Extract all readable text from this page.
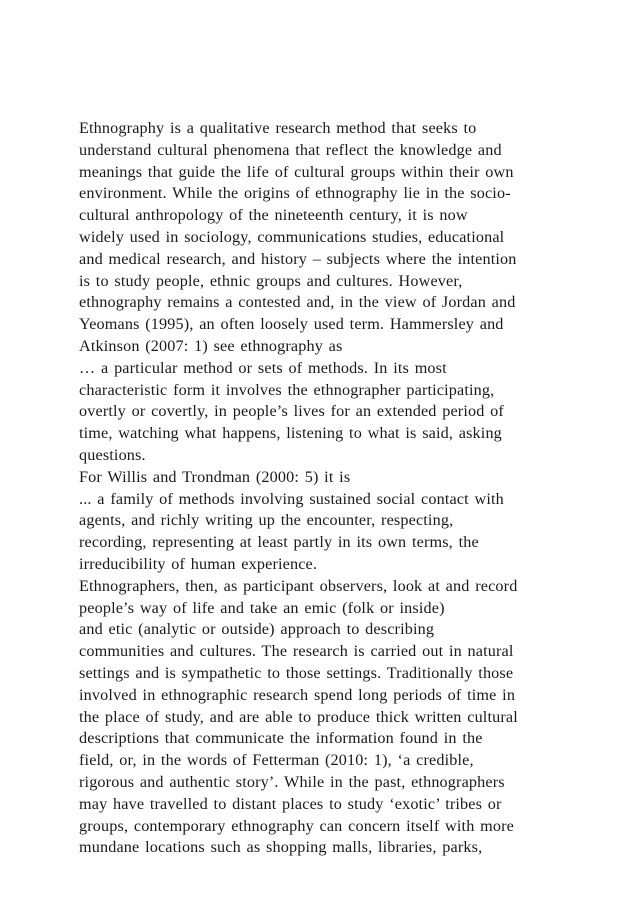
Ethnography is a qualitative research method that seeks to
understand cultural phenomena that reflect the knowledge and
meanings that guide the life of cultural groups within their own
environment. While the origins of ethnography lie in the socio-
cultural anthropology of the nineteenth century, it is now
widely used in sociology, communications studies, educational
and medical research, and history – subjects where the intention
is to study people, ethnic groups and cultures. However,
ethnography remains a contested and, in the view of Jordan and
Yeomans (1995), an often loosely used term. Hammersley and
Atkinson (2007: 1) see ethnography as
… a particular method or sets of methods. In its most
characteristic form it involves the ethnographer participating,
overtly or covertly, in people’s lives for an extended period of
time, watching what happens, listening to what is said, asking
questions.
For Willis and Trondman (2000: 5) it is
... a family of methods involving sustained social contact with
agents, and richly writing up the encounter, respecting,
recording, representing at least partly in its own terms, the
irreducibility of human experience.
Ethnographers, then, as participant observers, look at and record
people’s way of life and take an emic (folk or inside)
and etic (analytic or outside) approach to describing
communities and cultures. The research is carried out in natural
settings and is sympathetic to those settings. Traditionally those
involved in ethnographic research spend long periods of time in
the place of study, and are able to produce thick written cultural
descriptions that communicate the information found in the
field, or, in the words of Fetterman (2010: 1), ‘a credible,
rigorous and authentic story’. While in the past, ethnographers
may have travelled to distant places to study ‘exotic’ tribes or
groups, contemporary ethnography can concern itself with more
mundane locations such as shopping malls, libraries, parks,
